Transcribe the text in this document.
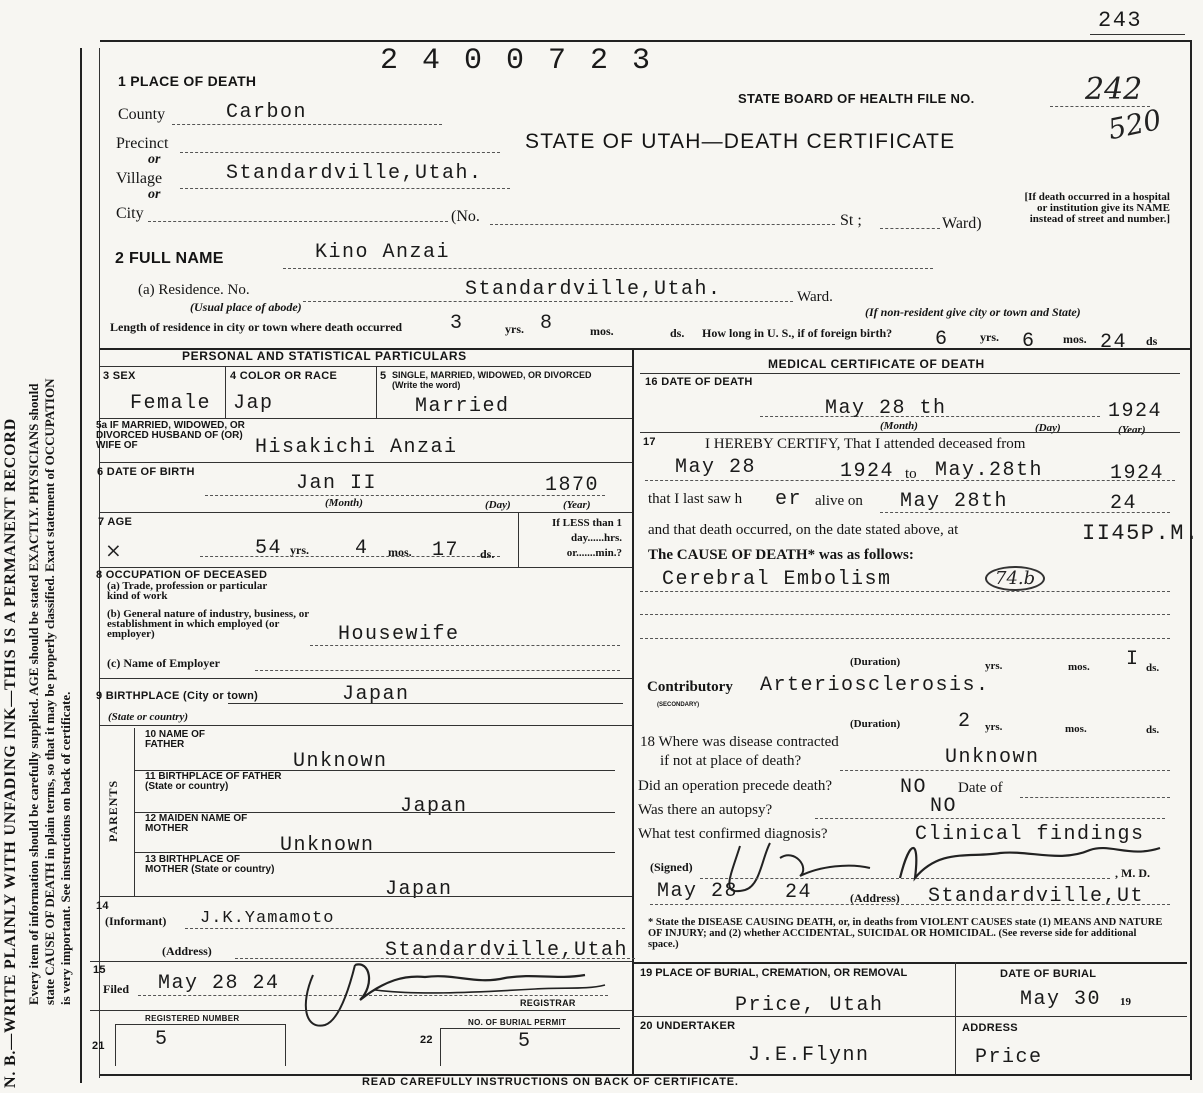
N. B.—WRITE PLAINLY WITH UNFADING INK—THIS IS A PERMANENT RECORD Every item of information should be carefully supplied. AGE should be stated EXACTLY. PHYSICIANS should state CAUSE OF DEATH in plain terms, so that it may be properly classified. Exact statement of OCCUPATION is very important. See instructions on back of certificate.
243
2 4 0 0 7 2 3
1 PLACE OF DEATH
STATE BOARD OF HEALTH FILE NO.	242
520
STATE OF UTAH—DEATH CERTIFICATE
County	Carbon
Precinct
or
Village	Standardville,Utah.
or
City	(No.	St ;	Ward)
[If death occurred in a hospital or institution give its NAME instead of street and number.]
2 FULL NAME	Kino Anzai
(a) Residence. No.
(Usual place of abode)
Standardville,Utah.	Ward.
(If non-resident give city or town and State)
Length of residence in city or town where death occurred 3	yrs. 8	mos.	ds. How long in U. S., if of foreign birth? 6	yrs. 6 mos. 24 ds
PERSONAL AND STATISTICAL PARTICULARS
MEDICAL CERTIFICATE OF DEATH
3 SEX
Female
4 COLOR OR RACE
Jap
5 SINGLE, MARRIED, WIDOWED, OR DIVORCED (Write the word)
Married
5a IF MARRIED, WIDOWED, OR DIVORCED HUSBAND OF (OR) WIFE OF	Hisakichi Anzai
6 DATE OF BIRTH	Jan II	1870
(Month)	(Day)	(Year)
7 AGE
×	54 yrs. 4 mos. 17 ds.
If LESS than 1 day......hrs. or.......min.?
8 OCCUPATION OF DECEASED
(a) Trade, profession or particular kind of work
(b) General nature of industry, business, or establishment in which employed (or employer)	Housewife
(c) Name of Employer
9 BIRTHPLACE (City or town)	Japan
(State or country)
PARENTS
10 NAME OF FATHER
Unknown
11 BIRTHPLACE OF FATHER (State or country)
Japan
12 MAIDEN NAME OF MOTHER
Unknown
13 BIRTHPLACE OF MOTHER (State or country)
Japan
14
(Informant) J.K.Yamamoto
(Address)	Standardville,Utah
15
Filed May 28 24
REGISTRAR
REGISTERED NUMBER
21	5
NO. OF BURIAL PERMIT
22	5
16 DATE OF DEATH
May 28 th	1924
(Month)	(Day)	(Year)
17	I HEREBY CERTIFY, That I attended deceased from
May 28	1924 to May.28th	1924
that I last saw h er alive on May 28th	24
and that death occurred, on the date stated above, at	II45P.M.
The CAUSE OF DEATH* was as follows:
Cerebral Embolism	74.b
(Duration)	yrs.	mos. I ds.
Contributory
(SECONDARY)
Arteriosclerosis.
(Duration)	2 yrs.	mos.	ds.
18 Where was disease contracted
if not at place of death?	Unknown
Did an operation precede death?	NO Date of
Was there an autopsy?	NO
What test confirmed diagnosis?	Clinical findings
(Signed)	, M. D.
May 28 24	(Address) Standardville,Ut
* State the DISEASE CAUSING DEATH, or, in deaths from VIOLENT CAUSES state (1) MEANS AND NATURE OF INJURY; and (2) whether ACCIDENTAL, SUICIDAL OR HOMICIDAL. (See reverse side for additional space.)
19 PLACE OF BURIAL, CREMATION, OR REMOVAL
Price, Utah
DATE OF BURIAL
May 30 19
20 UNDERTAKER
J.E.Flynn
ADDRESS
Price
READ CAREFULLY INSTRUCTIONS ON BACK OF CERTIFICATE.
